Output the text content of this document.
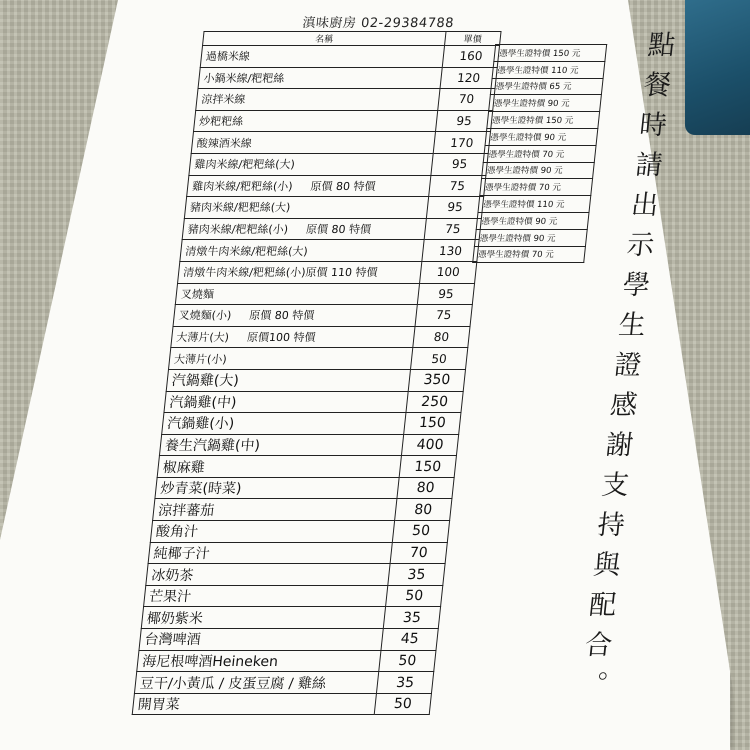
滇味廚房 02-29384788
名稱	單價
過橋米線	160
小鍋米線/粑粑絲	120
涼拌米線	70
炒粑粑絲	95
酸辣酒米線	170
雞肉米線/粑粑絲(大)	95
雞肉米線/粑粑絲(小) 原價 80 特價	75
豬肉米線/粑粑絲(大)	95
豬肉米線/粑粑絲(小) 原價 80 特價	75
清燉牛肉米線/粑粑絲(大)	130
清燉牛肉米線/粑粑絲(小)原價 110 特價	100
叉燒麵	95
叉燒麵(小) 原價 80 特價	75
大薄片(大) 原價100 特價	80
大薄片(小)	50
汽鍋雞(大)	350
汽鍋雞(中)	250
汽鍋雞(小)	150
養生汽鍋雞(中)	400
椒麻雞	150
炒青菜(時菜)	80
涼拌蕃茄	80
酸角汁	50
純椰子汁	70
冰奶茶	35
芒果汁	50
椰奶紫米	35
台灣啤酒	45
海尼根啤酒Heineken	50
豆干/小黃瓜 / 皮蛋豆腐 / 雞絲	35
開胃菜	50
憑學生證特價 150 元
憑學生證特價 110 元
憑學生證特價 65 元
憑學生證特價 90 元
憑學生證特價 150 元
憑學生證特價 90 元
憑學生證特價 70 元
憑學生證特價 90 元
憑學生證特價 70 元
憑學生證特價 110 元
憑學生證特價 90 元
憑學生證特價 90 元
憑學生證特價 70 元 點餐時請出示學生證感謝支持與配合。
